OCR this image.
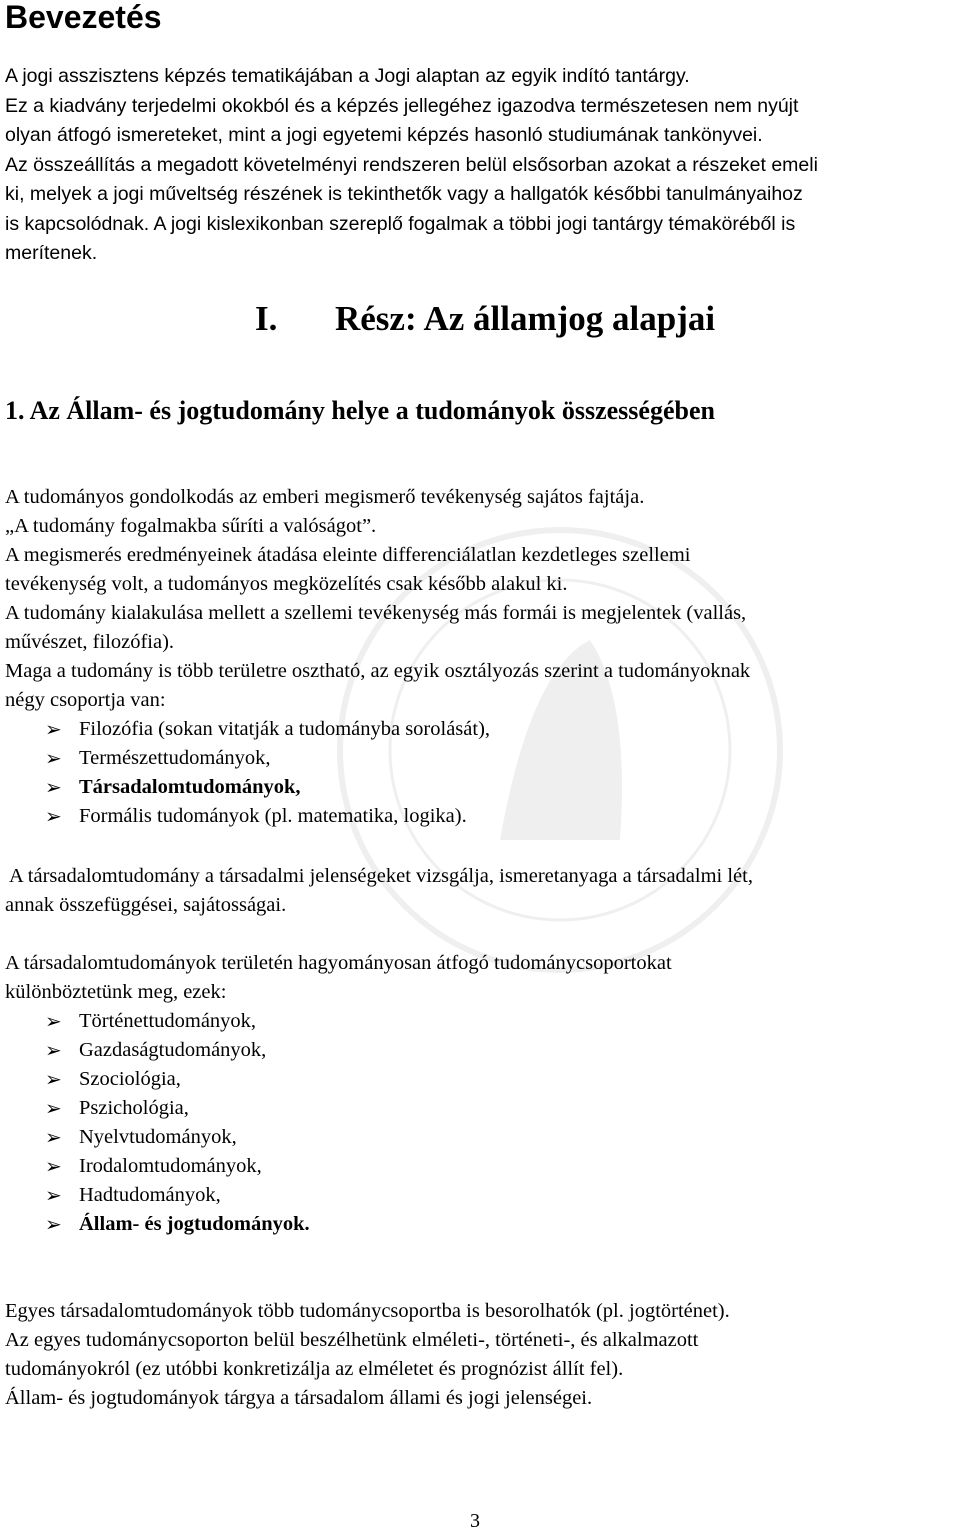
Bevezetés
A jogi asszisztens képzés tematikájában a Jogi alaptan az egyik indító tantárgy.
Ez a kiadvány terjedelmi okokból és a képzés jellegéhez igazodva természetesen nem nyújt
olyan átfogó ismereteket, mint a jogi egyetemi képzés hasonló studiumának tankönyvei.
Az összeállítás a megadott követelményi rendszeren belül elsősorban azokat a részeket emeli
ki, melyek a jogi műveltség részének is tekinthetők vagy a hallgatók későbbi tanulmányaihoz
is kapcsolódnak. A jogi kislexikonban szereplő fogalmak a többi jogi tantárgy témaköréből is
merítenek.
I. Rész: Az államjog alapjai
1. Az Állam- és jogtudomány helye a tudományok összességében

A tudományos gondolkodás az emberi megismerő tevékenység sajátos fajtája.

„A tudomány fogalmakba sűríti a valóságot”.

A megismerés eredményeinek átadása eleinte differenciálatlan kezdetleges szellemi

tevékenység volt, a tudományos megközelítés csak később alakul ki.

A tudomány kialakulása mellett a szellemi tevékenység más formái is megjelentek (vallás,

művészet, filozófia).

Maga a tudomány is több területre osztható, az egyik osztályozás szerint a tudományoknak

négy csoportja van:

➢ Filozófia (sokan vitatják a tudományba sorolását),
➢ Természettudományok,
➢ Társadalomtudományok,
➢ Formális tudományok (pl. matematika, logika).

A társadalomtudomány a társadalmi jelenségeket vizsgálja, ismeretanyaga a társadalmi lét,

annak összefüggései, sajátosságai.

A társadalomtudományok területén hagyományosan átfogó tudománycsoportokat

különböztetünk meg, ezek:

➢ Történettudományok,
➢ Gazdaságtudományok,
➢ Szociológia,
➢ Pszichológia,
➢ Nyelvtudományok,
➢ Irodalomtudományok,
➢ Hadtudományok,
➢ Állam- és jogtudományok.

Egyes társadalomtudományok több tudománycsoportba is besorolhatók (pl. jogtörténet).

Az egyes tudománycsoporton belül beszélhetünk elméleti-, történeti-, és alkalmazott

tudományokról (ez utóbbi konkretizálja az elméletet és prognózist állít fel).

Állam- és jogtudományok tárgya a társadalom állami és jogi jelenségei.

3
